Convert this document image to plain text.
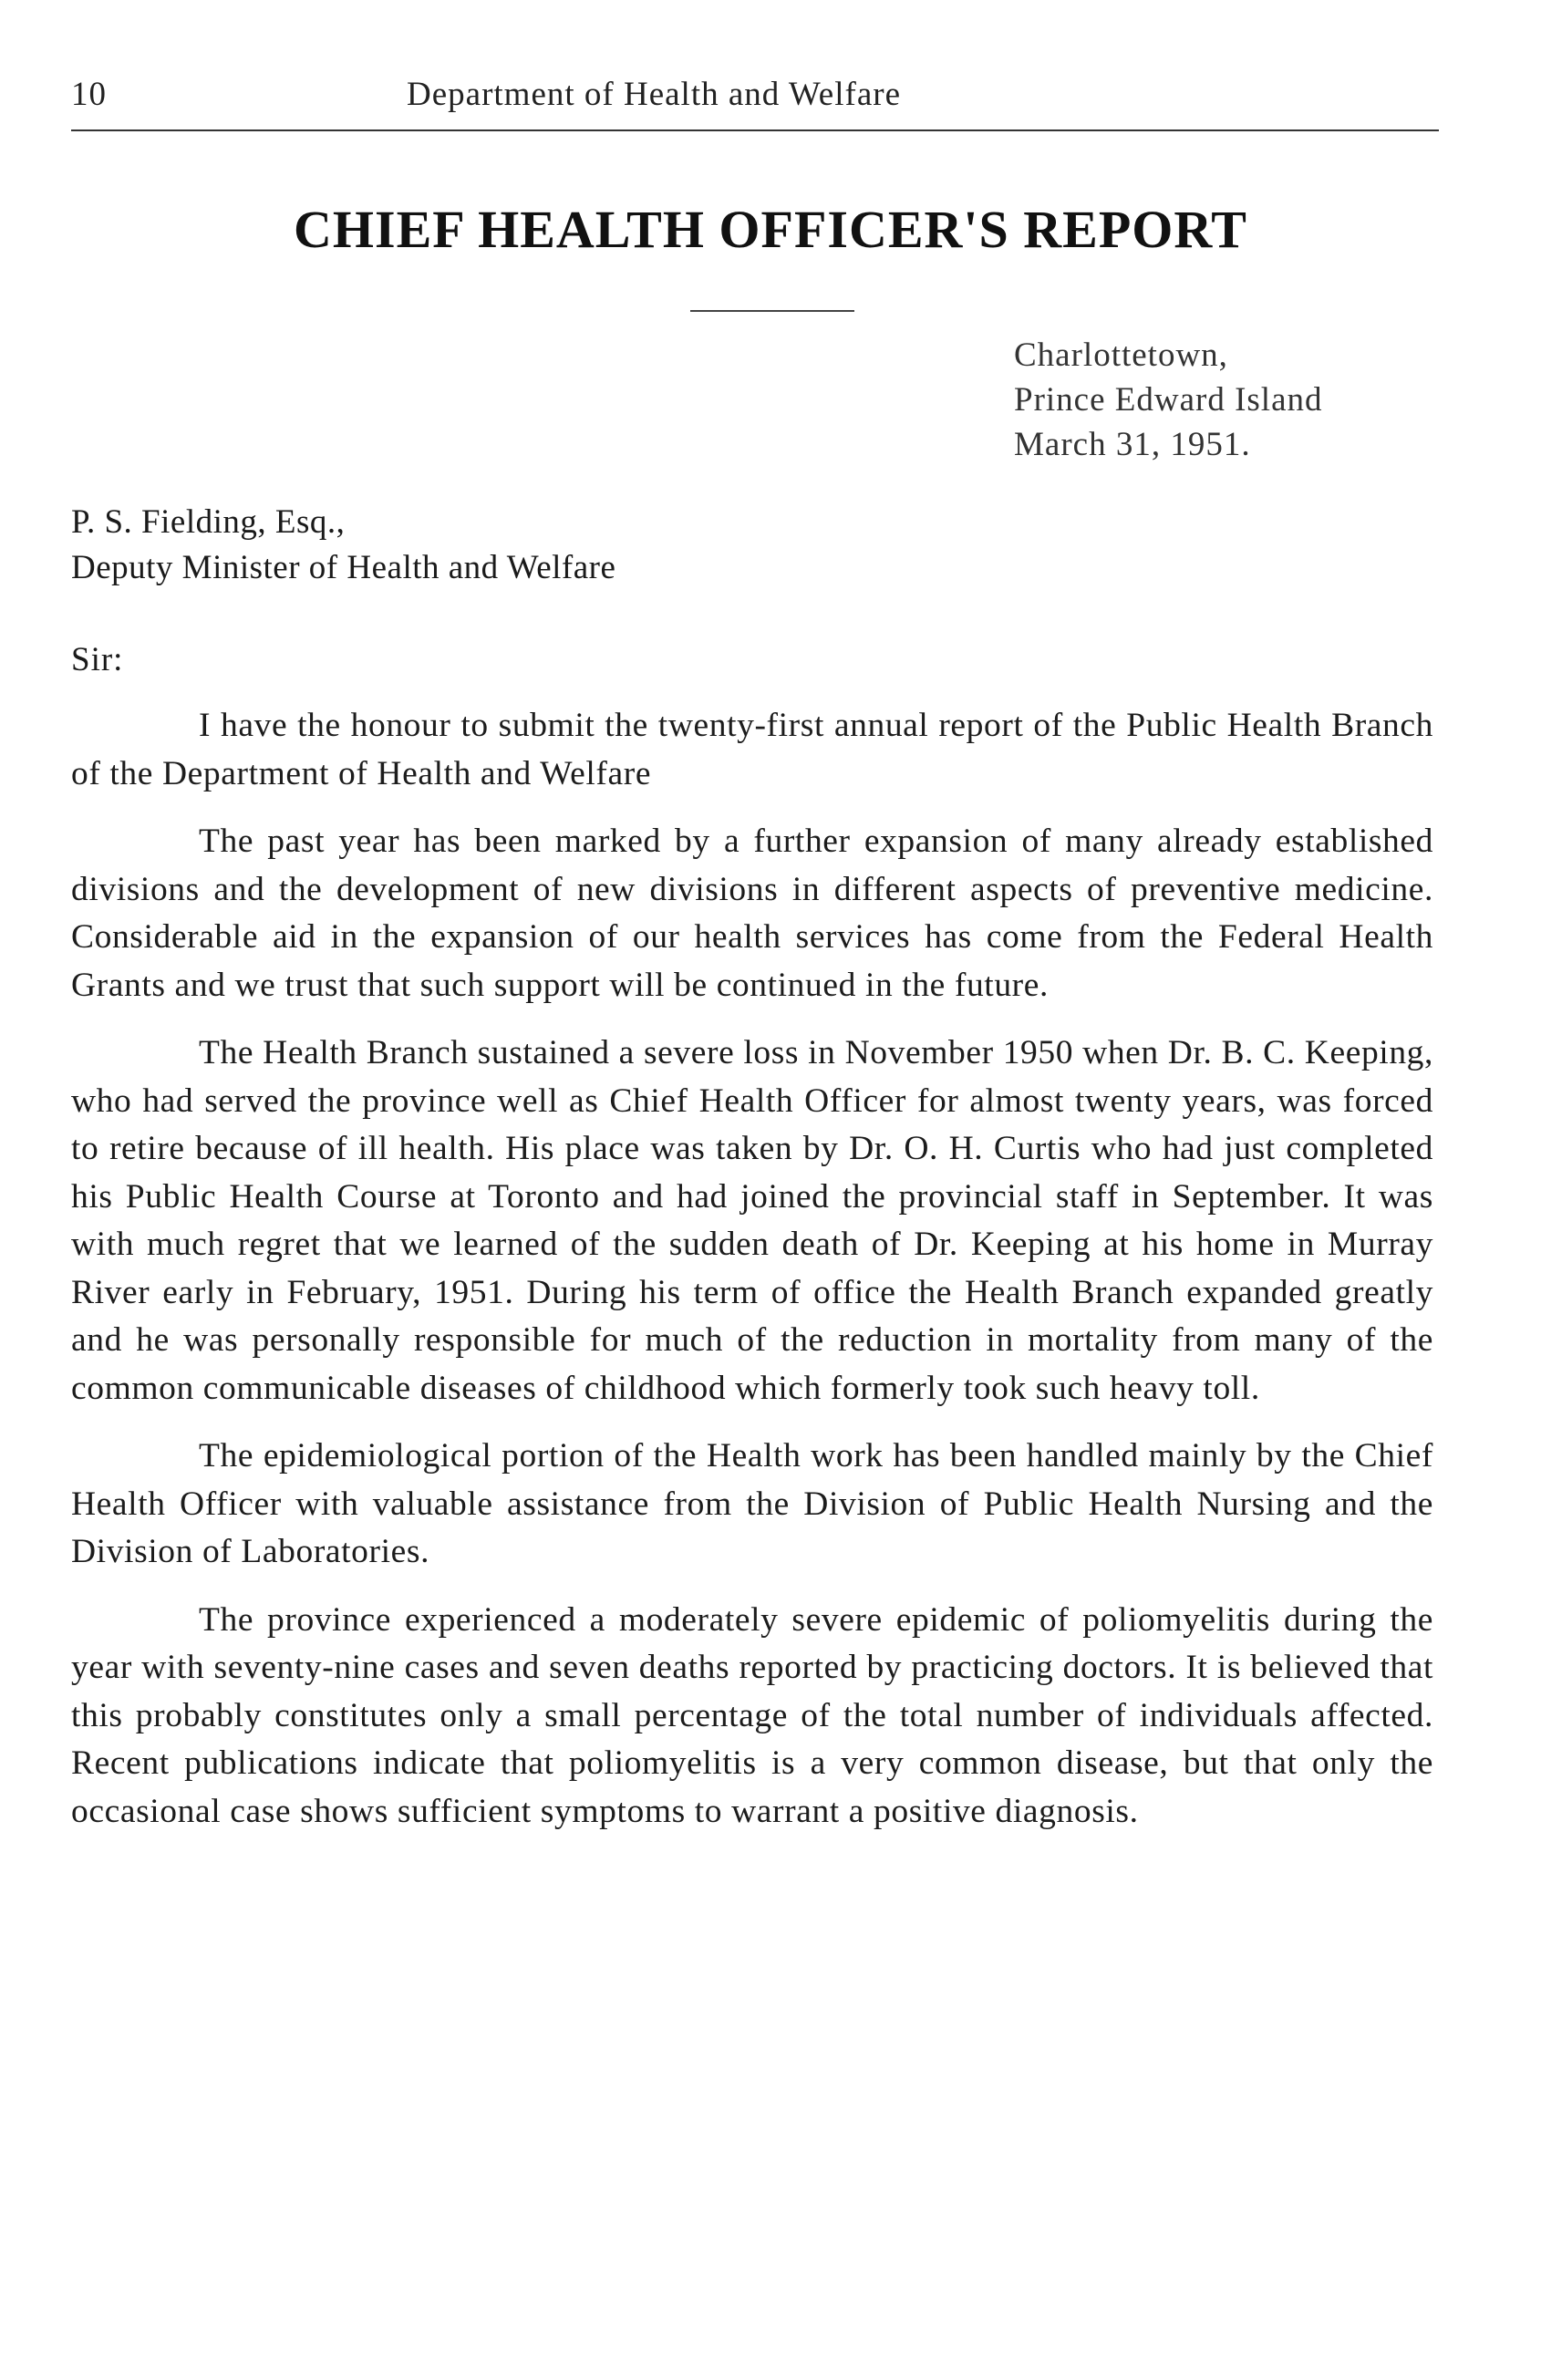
10	Department of Health and Welfare
CHIEF HEALTH OFFICER'S REPORT
Charlottetown,
Prince Edward Island
March 31, 1951.
P. S. Fielding, Esq.,
Deputy Minister of Health and Welfare
Sir:

I have the honour to submit the twenty-first annual report of the Public Health Branch of the Department of Health and Welfare

The past year has been marked by a further expansion of many already established divisions and the development of new divisions in different aspects of preventive medicine. Considerable aid in the expansion of our health services has come from the Federal Health Grants and we trust that such support will be continued in the future.

The Health Branch sustained a severe loss in November 1950 when Dr. B. C. Keeping, who had served the province well as Chief Health Officer for almost twenty years, was forced to retire because of ill health. His place was taken by Dr. O. H. Curtis who had just completed his Public Health Course at Toronto and had joined the provincial staff in September. It was with much regret that we learned of the sudden death of Dr. Keeping at his home in Murray River early in February, 1951. During his term of office the Health Branch expanded greatly and he was personally responsible for much of the reduction in mortality from many of the common communicable diseases of childhood which formerly took such heavy toll.

The epidemiological portion of the Health work has been handled mainly by the Chief Health Officer with valuable assistance from the Division of Public Health Nursing and the Division of Laboratories.

The province experienced a moderately severe epidemic of poliomyelitis during the year with seventy-nine cases and seven deaths reported by practicing doctors. It is believed that this probably constitutes only a small percentage of the total number of individuals affected. Recent publications indicate that poliomyelitis is a very common disease, but that only the occasional case shows sufficient symptoms to warrant a positive diagnosis.
